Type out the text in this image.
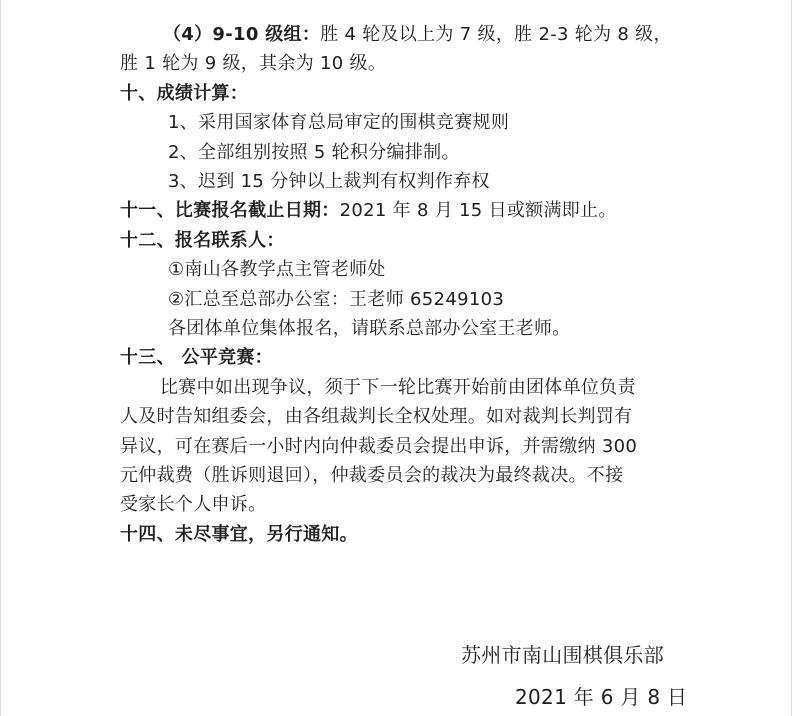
（4）9-10 级组：胜 4 轮及以上为 7 级，胜 2-3 轮为 8 级，
胜 1 轮为 9 级，其余为 10 级。
十、成绩计算：
1、采用国家体育总局审定的围棋竞赛规则
2、全部组别按照 5 轮积分编排制。
3、迟到 15 分钟以上裁判有权判作弃权
十一、比赛报名截止日期：2021 年 8 月 15 日或额满即止。
十二、报名联系人：
①南山各教学点主管老师处
②汇总至总部办公室：王老师 65249103
各团体单位集体报名，请联系总部办公室王老师。
十三、 公平竞赛：
比赛中如出现争议，须于下一轮比赛开始前由团体单位负责
人及时告知组委会，由各组裁判长全权处理。如对裁判长判罚有
异议，可在赛后一小时内向仲裁委员会提出申诉，并需缴纳 300
元仲裁费（胜诉则退回），仲裁委员会的裁决为最终裁决。不接
受家长个人申诉。
十四、未尽事宜，另行通知。
苏州市南山围棋俱乐部
2021 年 6 月 8 日
